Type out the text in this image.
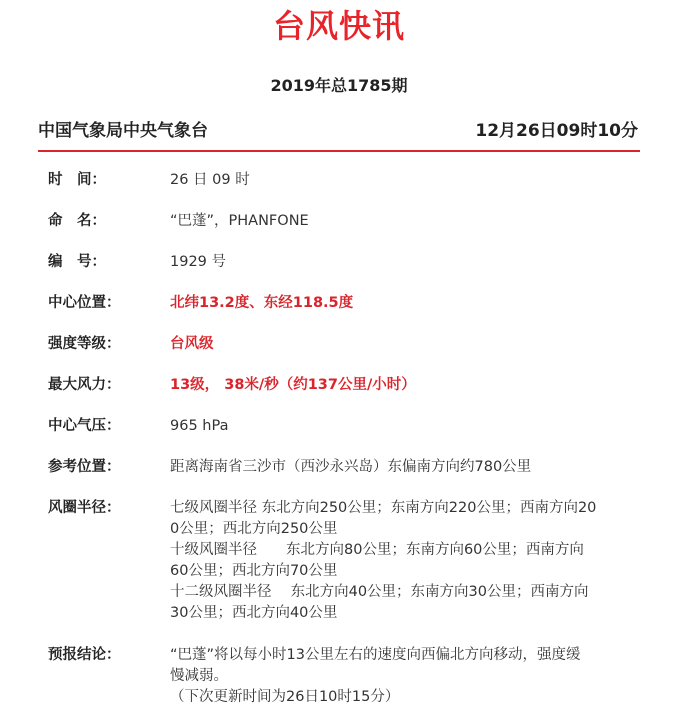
台风快讯
2019年总1785期
中国气象局中央气象台	12月26日09时10分
时　间：	26 日 09 时
命　名：	“巴蓬”，PHANFONE
编　号：	1929 号
中心位置：	北纬13.2度、东经118.5度
强度等级：	台风级
最大风力：	13级， 38米/秒（约137公里/小时）
中心气压：	965 hPa
参考位置：	距离海南省三沙市（西沙永兴岛）东偏南方向约780公里
风圈半径：	七级风圈半径 东北方向250公里；东南方向220公里；西南方向20
0公里；西北方向250公里
十级风圈半径　　东北方向80公里；东南方向60公里；西南方向
60公里；西北方向70公里
十二级风圈半径　 东北方向40公里；东南方向30公里；西南方向
30公里；西北方向40公里
预报结论：	“巴蓬”将以每小时13公里左右的速度向西偏北方向移动，强度缓
慢减弱。
（下次更新时间为26日10时15分）
